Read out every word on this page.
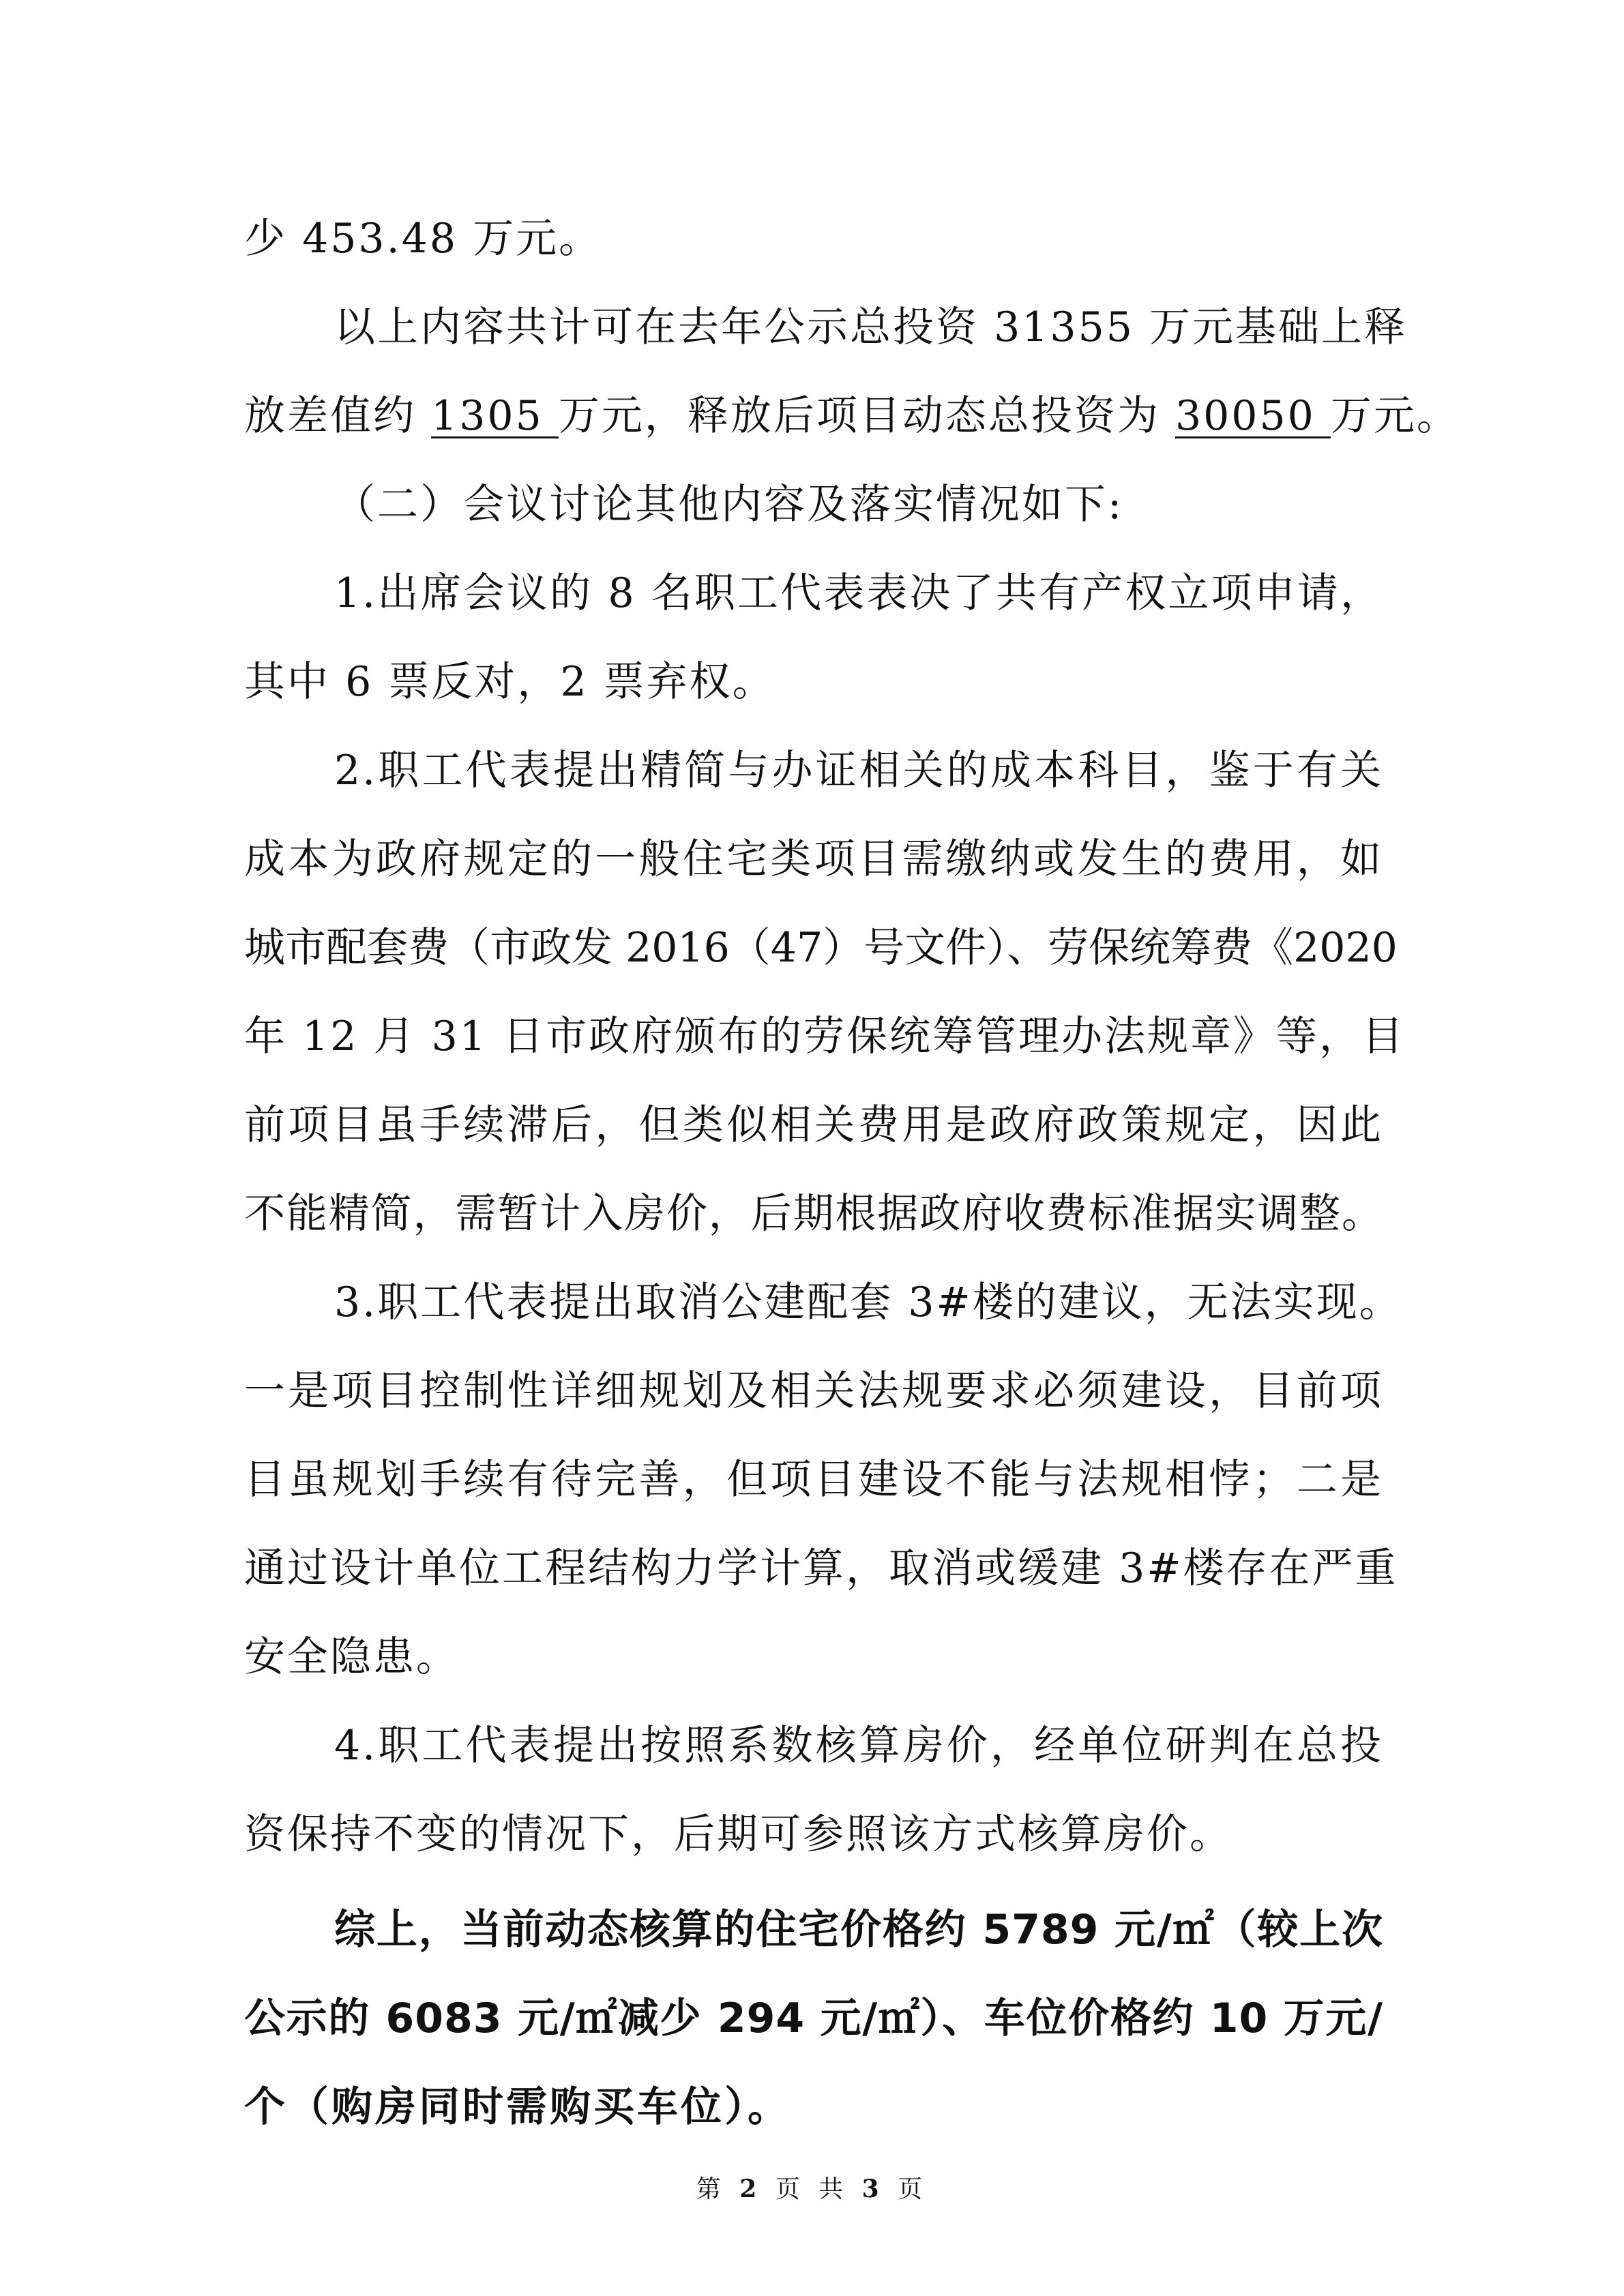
少 453.48 万元。

以上内容共计可在去年公示总投资 31355 万元基础上释

放差值约 1305 万元，释放后项目动态总投资为 30050 万元。

（二）会议讨论其他内容及落实情况如下:

1.出席会议的 8 名职工代表表决了共有产权立项申请，

其中 6 票反对，2 票弃权。

2.职工代表提出精简与办证相关的成本科目，鉴于有关

成本为政府规定的一般住宅类项目需缴纳或发生的费用，如

城市配套费（市政发 2016（47）号文件）、劳保统筹费《2020

年 12 月 31 日市政府颁布的劳保统筹管理办法规章》等，目

前项目虽手续滞后，但类似相关费用是政府政策规定，因此

不能精简，需暂计入房价，后期根据政府收费标准据实调整。

3.职工代表提出取消公建配套 3#楼的建议，无法实现。

一是项目控制性详细规划及相关法规要求必须建设，目前项

目虽规划手续有待完善，但项目建设不能与法规相悖；二是

通过设计单位工程结构力学计算，取消或缓建 3#楼存在严重

安全隐患。

4.职工代表提出按照系数核算房价，经单位研判在总投

资保持不变的情况下，后期可参照该方式核算房价。

综上，当前动态核算的住宅价格约 5789 元/㎡（较上次

公示的 6083 元/㎡减少 294 元/㎡）、车位价格约 10 万元/

个（购房同时需购买车位）。

第 2 页 共 3 页
